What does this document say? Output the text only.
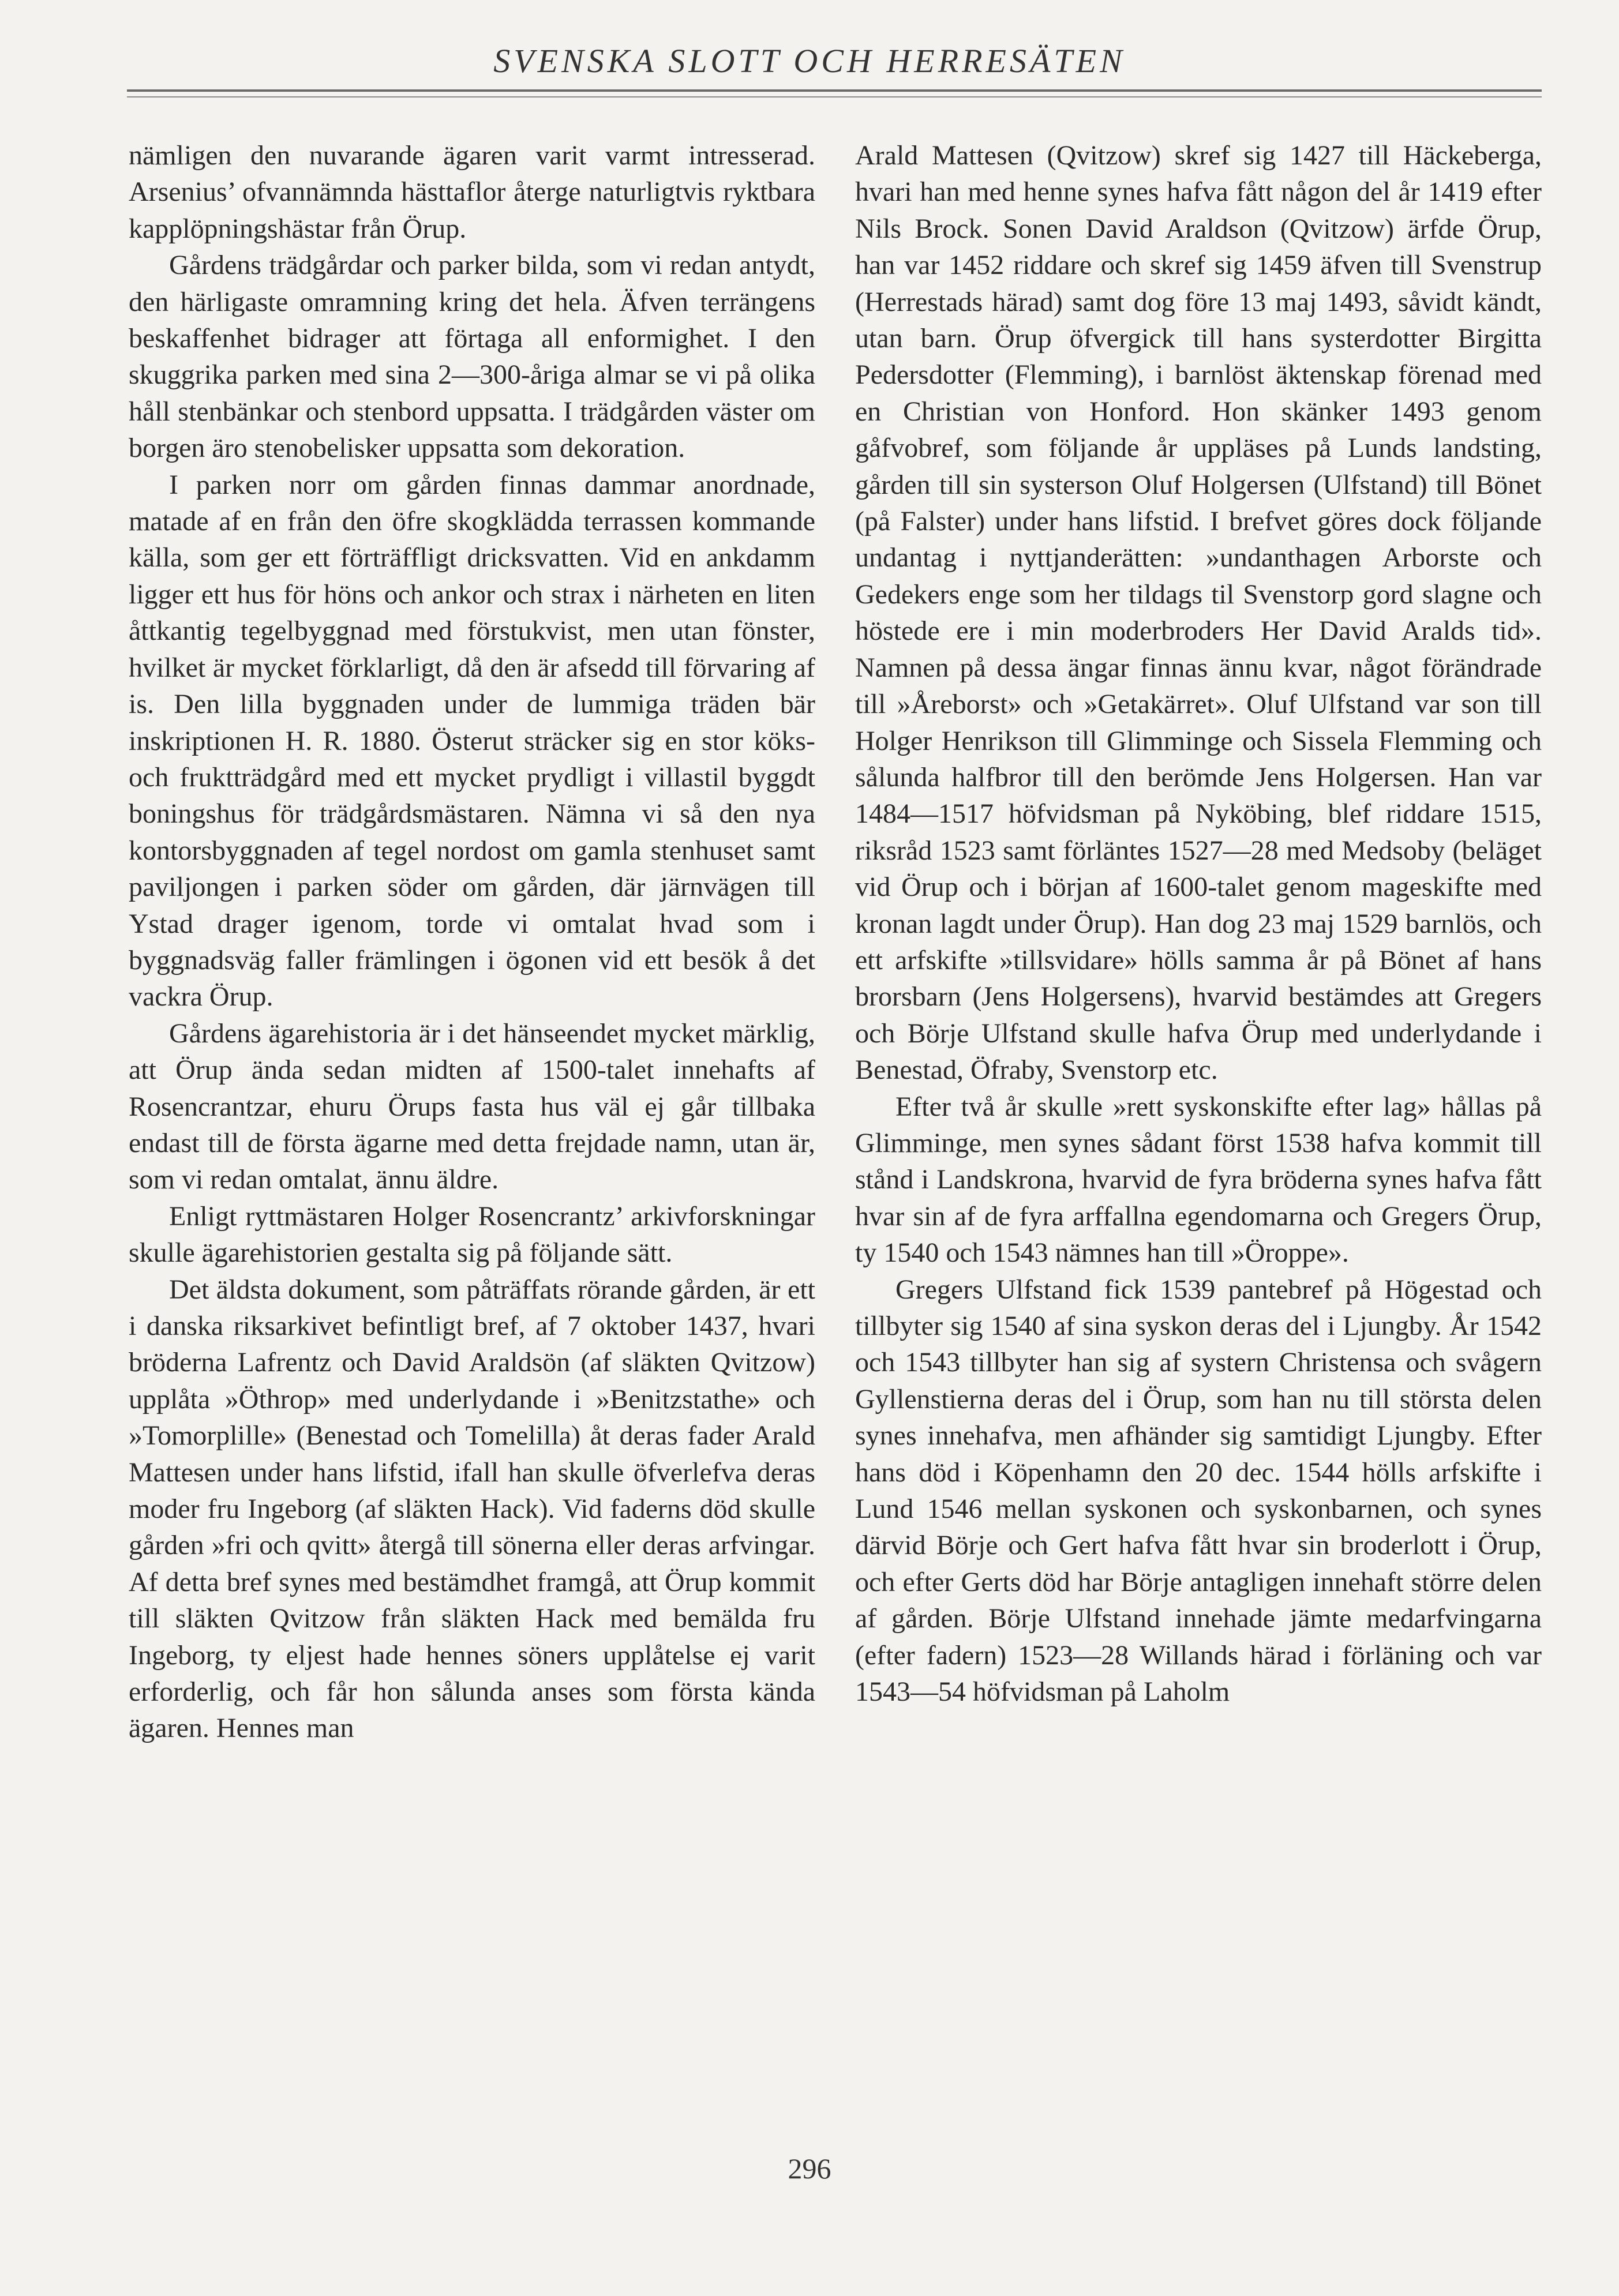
SVENSKA SLOTT OCH HERRESÄTEN

nämligen den nuvarande ägaren varit varmt intresserad. Arsenius’ ofvannämnda hästtaflor återge naturligtvis ryktbara kapplöpningshästar från Örup.

Gårdens trädgårdar och parker bilda, som vi redan antydt, den härligaste omramning kring det hela. Äfven terrängens beskaffenhet bidrager att förtaga all enformighet. I den skuggrika parken med sina 2—300-åriga almar se vi på olika håll stenbänkar och stenbord uppsatta. I trädgården väster om borgen äro stenobelisker uppsatta som dekoration.

I parken norr om gården finnas dammar anordnade, matade af en från den öfre skogklädda terrassen kommande källa, som ger ett förträffligt dricksvatten. Vid en ankdamm ligger ett hus för höns och ankor och strax i närheten en liten åttkantig tegelbyggnad med förstukvist, men utan fönster, hvilket är mycket förklarligt, då den är afsedd till förvaring af is. Den lilla byggnaden under de lummiga träden bär inskriptionen H. R. 1880. Österut sträcker sig en stor köks- och fruktträdgård med ett mycket prydligt i villastil byggdt boningshus för trädgårdsmästaren. Nämna vi så den nya kontorsbyggnaden af tegel nordost om gamla stenhuset samt paviljongen i parken söder om gården, där järnvägen till Ystad drager igenom, torde vi omtalat hvad som i byggnadsväg faller främlingen i ögonen vid ett besök å det vackra Örup.

Gårdens ägarehistoria är i det hänseendet mycket märklig, att Örup ända sedan midten af 1500-talet innehafts af Rosencrantzar, ehuru Örups fasta hus väl ej går tillbaka endast till de första ägarne med detta frejdade namn, utan är, som vi redan omtalat, ännu äldre.

Enligt ryttmästaren Holger Rosencrantz’ arkivforskningar skulle ägarehistorien gestalta sig på följande sätt.

Det äldsta dokument, som påträffats rörande gården, är ett i danska riksarkivet befintligt bref, af 7 oktober 1437, hvari bröderna Lafrentz och David Araldsön (af släkten Qvitzow) upplåta »Öthrop» med underlydande i »Benitzstathe» och »Tomorplille» (Benestad och Tomelilla) åt deras fader Arald Mattesen under hans lifstid, ifall han skulle öfverlefva deras moder fru Ingeborg (af släkten Hack). Vid faderns död skulle gården »fri och qvitt» återgå till sönerna eller deras arfvingar. Af detta bref synes med bestämdhet framgå, att Örup kommit till släkten Qvitzow från släkten Hack med bemälda fru Ingeborg, ty eljest hade hennes söners upplåtelse ej varit erforderlig, och får hon sålunda anses som första kända ägaren. Hennes man

Arald Mattesen (Qvitzow) skref sig 1427 till Häckeberga, hvari han med henne synes hafva fått någon del år 1419 efter Nils Brock. Sonen David Araldson (Qvitzow) ärfde Örup, han var 1452 riddare och skref sig 1459 äfven till Svenstrup (Herrestads härad) samt dog före 13 maj 1493, såvidt kändt, utan barn. Örup öfvergick till hans systerdotter Birgitta Pedersdotter (Flemming), i barnlöst äktenskap förenad med en Christian von Honford. Hon skänker 1493 genom gåfvobref, som följande år uppläses på Lunds landsting, gården till sin systerson Oluf Holgersen (Ulfstand) till Bönet (på Falster) under hans lifstid. I brefvet göres dock följande undantag i nyttjanderätten: »undanthagen Arborste och Gedekers enge som her tildags til Svenstorp gord slagne och höstede ere i min moderbroders Her David Aralds tid». Namnen på dessa ängar finnas ännu kvar, något förändrade till »Åreborst» och »Getakärret». Oluf Ulfstand var son till Holger Henrikson till Glimminge och Sissela Flemming och sålunda halfbror till den berömde Jens Holgersen. Han var 1484—1517 höfvidsman på Nyköbing, blef riddare 1515, riksråd 1523 samt förläntes 1527—28 med Medsoby (beläget vid Örup och i början af 1600-talet genom mageskifte med kronan lagdt under Örup). Han dog 23 maj 1529 barnlös, och ett arfskifte »tillsvidare» hölls samma år på Bönet af hans brorsbarn (Jens Holgersens), hvarvid bestämdes att Gregers och Börje Ulfstand skulle hafva Örup med underlydande i Benestad, Öfraby, Svenstorp etc.

Efter två år skulle »rett syskonskifte efter lag» hållas på Glimminge, men synes sådant först 1538 hafva kommit till stånd i Landskrona, hvarvid de fyra bröderna synes hafva fått hvar sin af de fyra arffallna egendomarna och Gregers Örup, ty 1540 och 1543 nämnes han till »Öroppe».

Gregers Ulfstand fick 1539 pantebref på Högestad och tillbyter sig 1540 af sina syskon deras del i Ljungby. År 1542 och 1543 tillbyter han sig af systern Christensa och svågern Gyllenstierna deras del i Örup, som han nu till största delen synes innehafva, men afhänder sig samtidigt Ljungby. Efter hans död i Köpenhamn den 20 dec. 1544 hölls arfskifte i Lund 1546 mellan syskonen och syskonbarnen, och synes därvid Börje och Gert hafva fått hvar sin broderlott i Örup, och efter Gerts död har Börje antagligen innehaft större delen af gården. Börje Ulfstand innehade jämte medarfvingarna (efter fadern) 1523—28 Willands härad i förläning och var 1543—54 höfvidsman på Laholm

296
